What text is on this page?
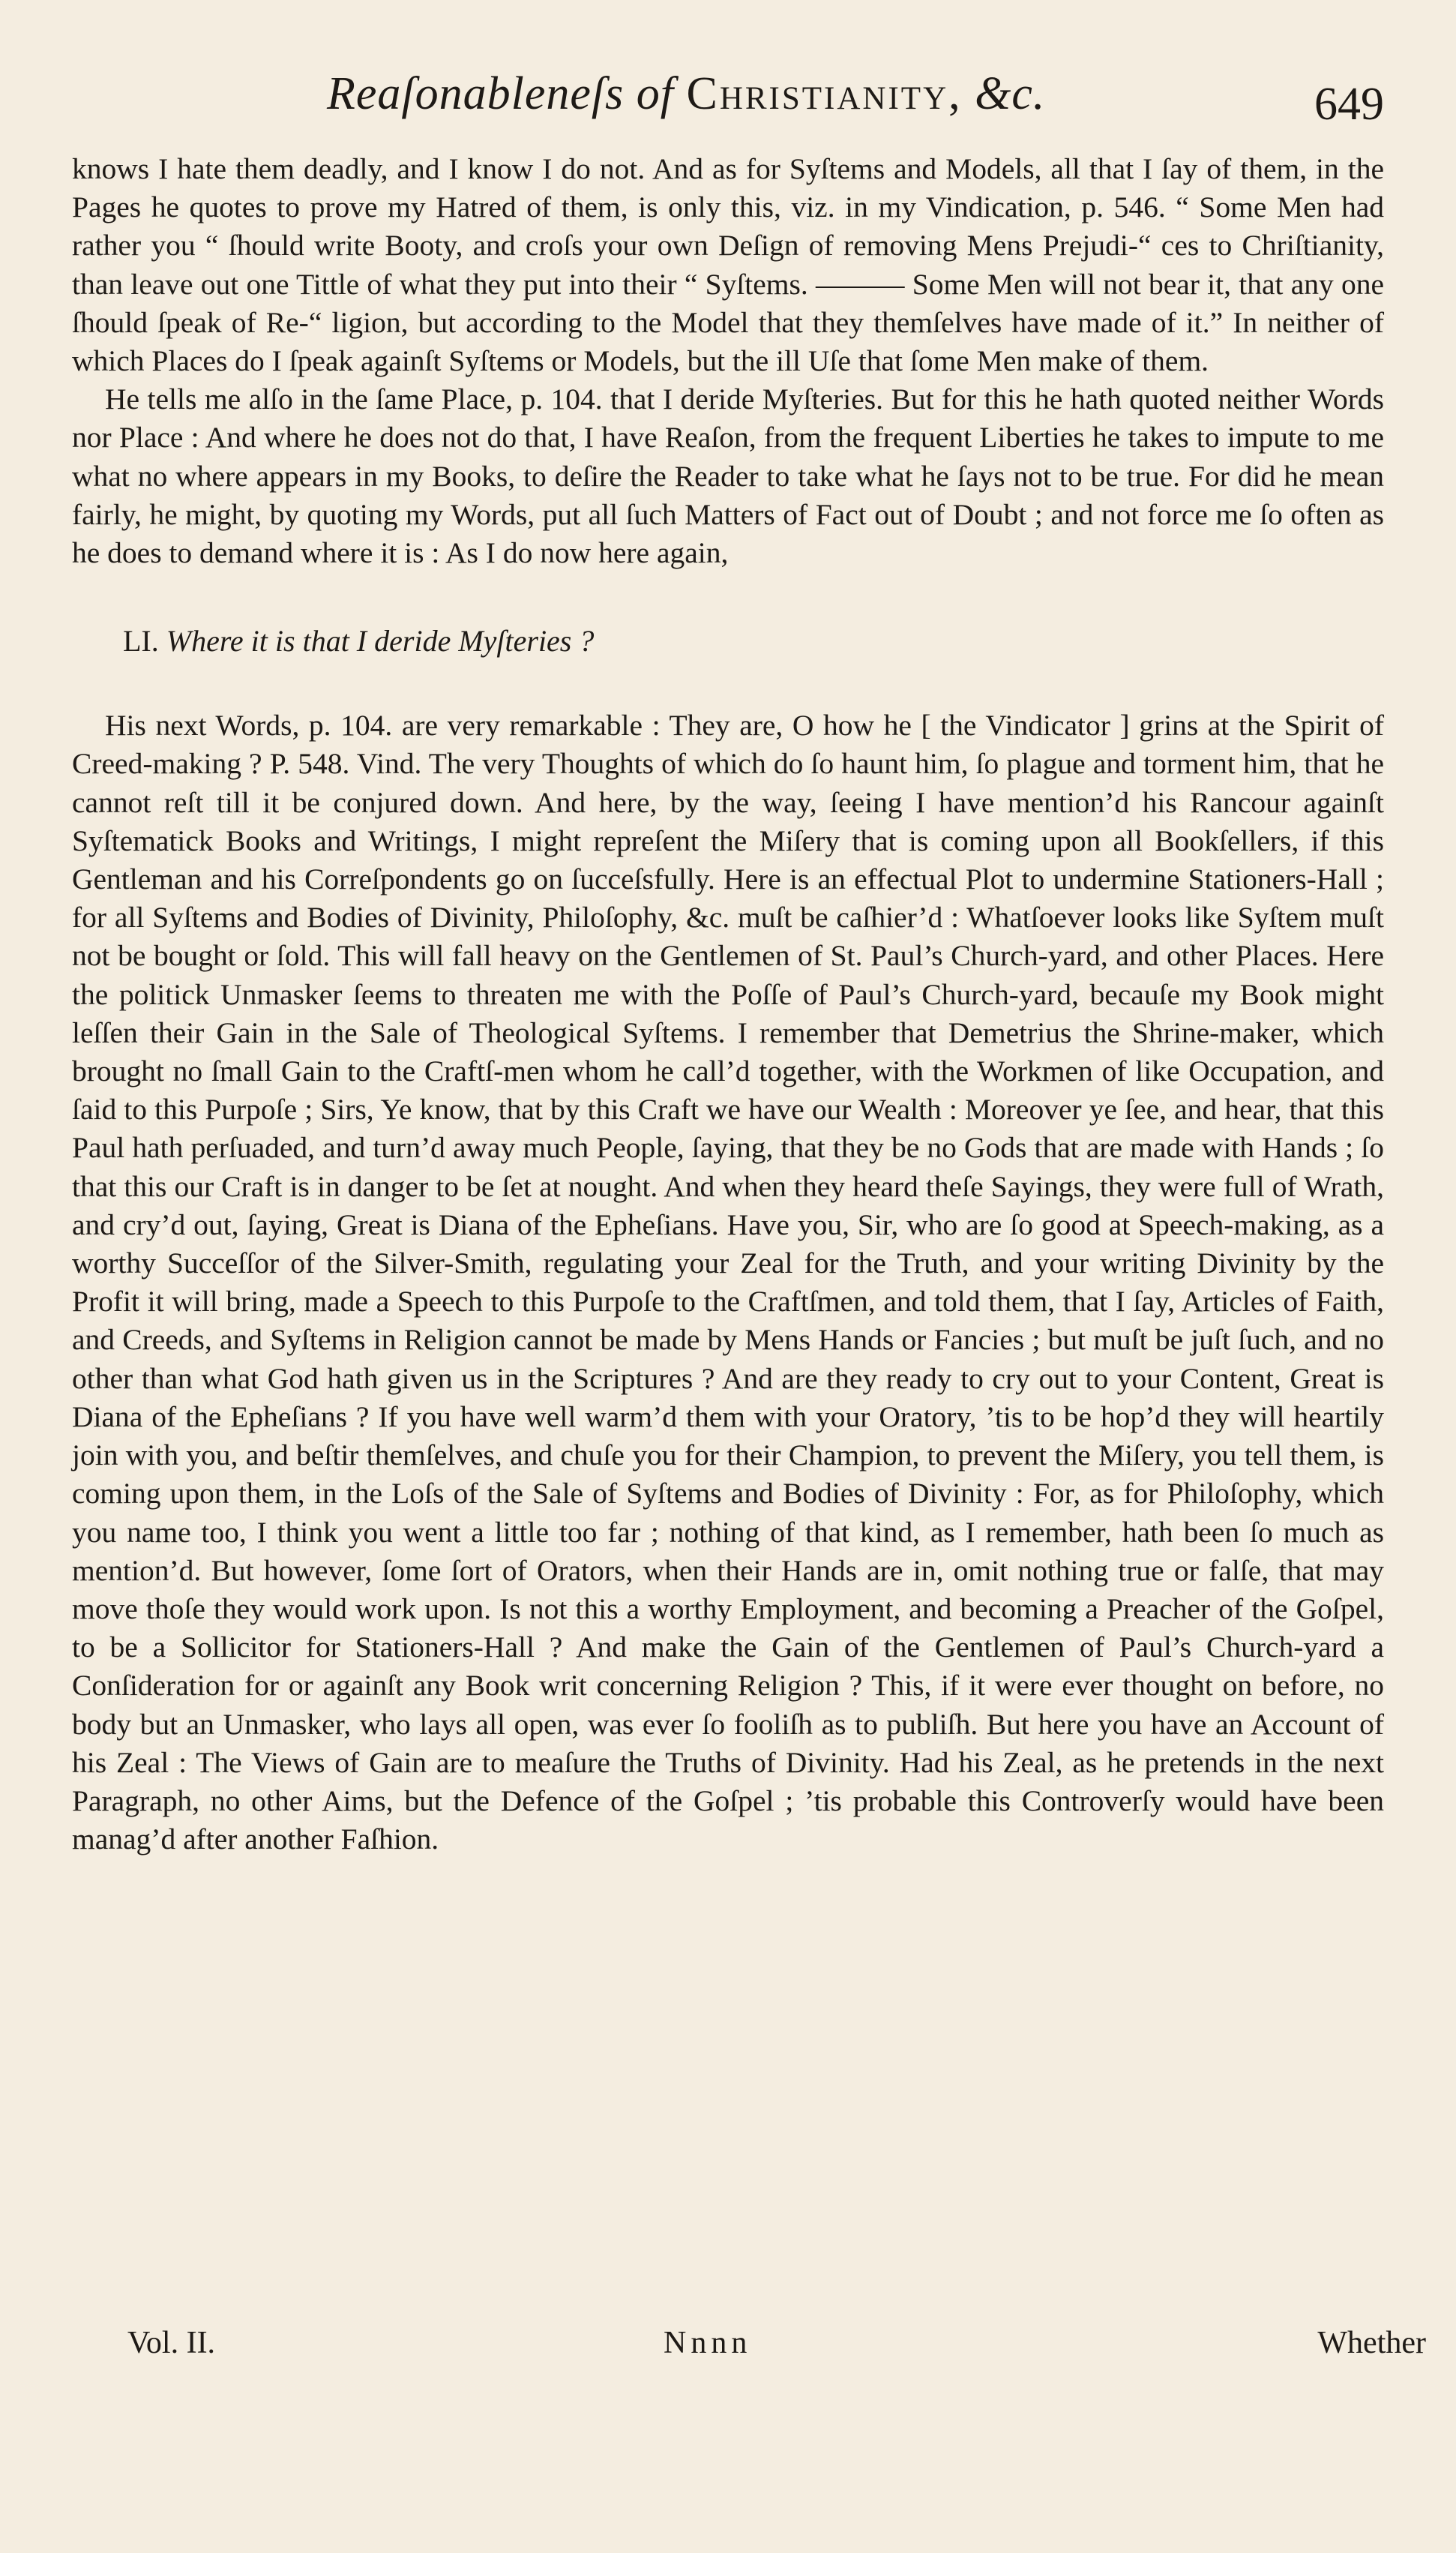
Reaſonableneſs of Christianity, &c.	649

knows I hate them deadly, and I know I do not. And as for Syſtems and Models, all that I ſay of them, in the Pages he quotes to prove my Hatred of them, is only this, viz. in my Vindication, p. 546. “ Some Men had rather you “ ſhould write Booty, and croſs your own Deſign of removing Mens Prejudi-“ ces to Chriſtianity, than leave out one Tittle of what they put into their “ Syſtems. ——— Some Men will not bear it, that any one ſhould ſpeak of Re-“ ligion, but according to the Model that they themſelves have made of it.” In neither of which Places do I ſpeak againſt Syſtems or Models, but the ill Uſe that ſome Men make of them.

He tells me alſo in the ſame Place, p. 104. that I deride Myſteries. But for this he hath quoted neither Words nor Place : And where he does not do that, I have Reaſon, from the frequent Liberties he takes to impute to me what no where appears in my Books, to deſire the Reader to take what he ſays not to be true. For did he mean fairly, he might, by quoting my Words, put all ſuch Matters of Fact out of Doubt ; and not force me ſo often as he does to demand where it is : As I do now here again,

LI. Where it is that I deride Myſteries ?

His next Words, p. 104. are very remarkable : They are, O how he [ the Vindicator ] grins at the Spirit of Creed-making ? P. 548. Vind. The very Thoughts of which do ſo haunt him, ſo plague and torment him, that he cannot reſt till it be conjured down. And here, by the way, ſeeing I have mention’d his Rancour againſt Syſtematick Books and Writings, I might repreſent the Miſery that is coming upon all Bookſellers, if this Gentleman and his Correſpondents go on ſucceſsfully. Here is an effectual Plot to undermine Stationers-Hall ; for all Syſtems and Bodies of Divinity, Philoſophy, &c. muſt be caſhier’d : Whatſoever looks like Syſtem muſt not be bought or ſold. This will fall heavy on the Gentlemen of St. Paul’s Church-yard, and other Places. Here the politick Unmasker ſeems to threaten me with the Poſſe of Paul’s Church-yard, becauſe my Book might leſſen their Gain in the Sale of Theological Syſtems. I remember that Demetrius the Shrine-maker, which brought no ſmall Gain to the Craftſ-men whom he call’d together, with the Workmen of like Occupation, and ſaid to this Purpoſe ; Sirs, Ye know, that by this Craft we have our Wealth : Moreover ye ſee, and hear, that this Paul hath perſuaded, and turn’d away much People, ſaying, that they be no Gods that are made with Hands ; ſo that this our Craft is in danger to be ſet at nought. And when they heard theſe Sayings, they were full of Wrath, and cry’d out, ſaying, Great is Diana of the Epheſians. Have you, Sir, who are ſo good at Speech-making, as a worthy Succeſſor of the Silver-Smith, regulating your Zeal for the Truth, and your writing Divinity by the Profit it will bring, made a Speech to this Purpoſe to the Craftſmen, and told them, that I ſay, Articles of Faith, and Creeds, and Syſtems in Religion cannot be made by Mens Hands or Fancies ; but muſt be juſt ſuch, and no other than what God hath given us in the Scriptures ? And are they ready to cry out to your Content, Great is Diana of the Epheſians ? If you have well warm’d them with your Oratory, ’tis to be hop’d they will heartily join with you, and beſtir themſelves, and chuſe you for their Champion, to prevent the Miſery, you tell them, is coming upon them, in the Loſs of the Sale of Syſtems and Bodies of Divinity : For, as for Philoſophy, which you name too, I think you went a little too far ; nothing of that kind, as I remember, hath been ſo much as mention’d. But however, ſome ſort of Orators, when their Hands are in, omit nothing true or falſe, that may move thoſe they would work upon. Is not this a worthy Employment, and becoming a Preacher of the Goſpel, to be a Sollicitor for Stationers-Hall ? And make the Gain of the Gentlemen of Paul’s Church-yard a Conſideration for or againſt any Book writ concerning Religion ? This, if it were ever thought on before, no body but an Unmasker, who lays all open, was ever ſo fooliſh as to publiſh. But here you have an Account of his Zeal : The Views of Gain are to meaſure the Truths of Divinity. Had his Zeal, as he pretends in the next Paragraph, no other Aims, but the Defence of the Goſpel ; ’tis probable this Controverſy would have been manag’d after another Faſhion.

Vol. II.	Nnnn	Whether
